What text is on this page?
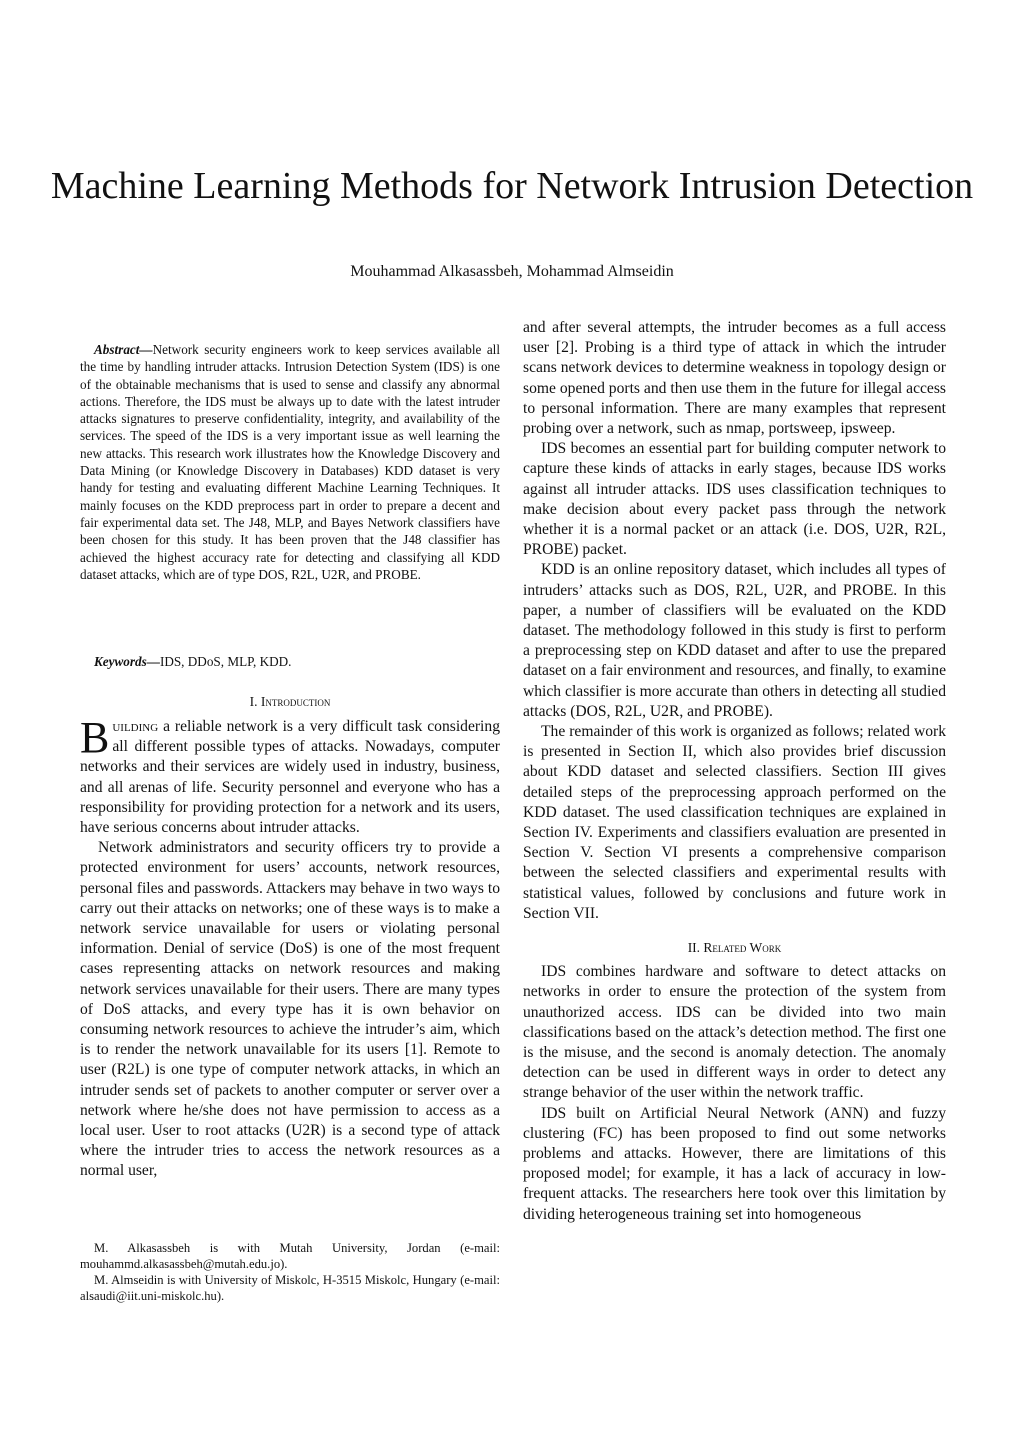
Machine Learning Methods for Network Intrusion Detection
Mouhammad Alkasassbeh, Mohammad Almseidin
Abstract—Network security engineers work to keep services available all the time by handling intruder attacks. Intrusion Detection System (IDS) is one of the obtainable mechanisms that is used to sense and classify any abnormal actions. Therefore, the IDS must be always up to date with the latest intruder attacks signatures to preserve confidentiality, integrity, and availability of the services. The speed of the IDS is a very important issue as well learning the new attacks. This research work illustrates how the Knowledge Discovery and Data Mining (or Knowledge Discovery in Databases) KDD dataset is very handy for testing and evaluating different Machine Learning Techniques. It mainly focuses on the KDD preprocess part in order to prepare a decent and fair experimental data set. The J48, MLP, and Bayes Network classifiers have been chosen for this study. It has been proven that the J48 classifier has achieved the highest accuracy rate for detecting and classifying all KDD dataset attacks, which are of type DOS, R2L, U2R, and PROBE.
Keywords—IDS, DDoS, MLP, KDD.
I. Introduction

Building a reliable network is a very difficult task considering all different possible types of attacks. Nowadays, computer networks and their services are widely used in industry, business, and all arenas of life. Security personnel and everyone who has a responsibility for providing protection for a network and its users, have serious concerns about intruder attacks.

Network administrators and security officers try to provide a protected environment for users’ accounts, network resources, personal files and passwords. Attackers may behave in two ways to carry out their attacks on networks; one of these ways is to make a network service unavailable for users or violating personal information. Denial of service (DoS) is one of the most frequent cases representing attacks on network resources and making network services unavailable for their users. There are many types of DoS attacks, and every type has it is own behavior on consuming network resources to achieve the intruder’s aim, which is to render the network unavailable for its users [1]. Remote to user (R2L) is one type of computer network attacks, in which an intruder sends set of packets to another computer or server over a network where he/she does not have permission to access as a local user. User to root attacks (U2R) is a second type of attack where the intruder tries to access the network resources as a normal user,

and after several attempts, the intruder becomes as a full access user [2]. Probing is a third type of attack in which the intruder scans network devices to determine weakness in topology design or some opened ports and then use them in the future for illegal access to personal information. There are many examples that represent probing over a network, such as nmap, portsweep, ipsweep.

IDS becomes an essential part for building computer network to capture these kinds of attacks in early stages, because IDS works against all intruder attacks. IDS uses classification techniques to make decision about every packet pass through the network whether it is a normal packet or an attack (i.e. DOS, U2R, R2L, PROBE) packet.

KDD is an online repository dataset, which includes all types of intruders’ attacks such as DOS, R2L, U2R, and PROBE. In this paper, a number of classifiers will be evaluated on the KDD dataset. The methodology followed in this study is first to perform a preprocessing step on KDD dataset and after to use the prepared dataset on a fair environment and resources, and finally, to examine which classifier is more accurate than others in detecting all studied attacks (DOS, R2L, U2R, and PROBE).

The remainder of this work is organized as follows; related work is presented in Section II, which also provides brief discussion about KDD dataset and selected classifiers. Section III gives detailed steps of the preprocessing approach performed on the KDD dataset. The used classification techniques are explained in Section IV. Experiments and classifiers evaluation are presented in Section V. Section VI presents a comprehensive comparison between the selected classifiers and experimental results with statistical values, followed by conclusions and future work in Section VII.

II. Related Work

IDS combines hardware and software to detect attacks on networks in order to ensure the protection of the system from unauthorized access. IDS can be divided into two main classifications based on the attack’s detection method. The first one is the misuse, and the second is anomaly detection. The anomaly detection can be used in different ways in order to detect any strange behavior of the user within the network traffic.

IDS built on Artificial Neural Network (ANN) and fuzzy clustering (FC) has been proposed to find out some networks problems and attacks. However, there are limitations of this proposed model; for example, it has a lack of accuracy in low-frequent attacks. The researchers here took over this limitation by dividing heterogeneous training set into homogeneous

M. Alkasassbeh is with Mutah University, Jordan (e-mail: mouhammd.alkasassbeh@mutah.edu.jo).

M. Almseidin is with University of Miskolc, H-3515 Miskolc, Hungary (e-mail: alsaudi@iit.uni-miskolc.hu).
